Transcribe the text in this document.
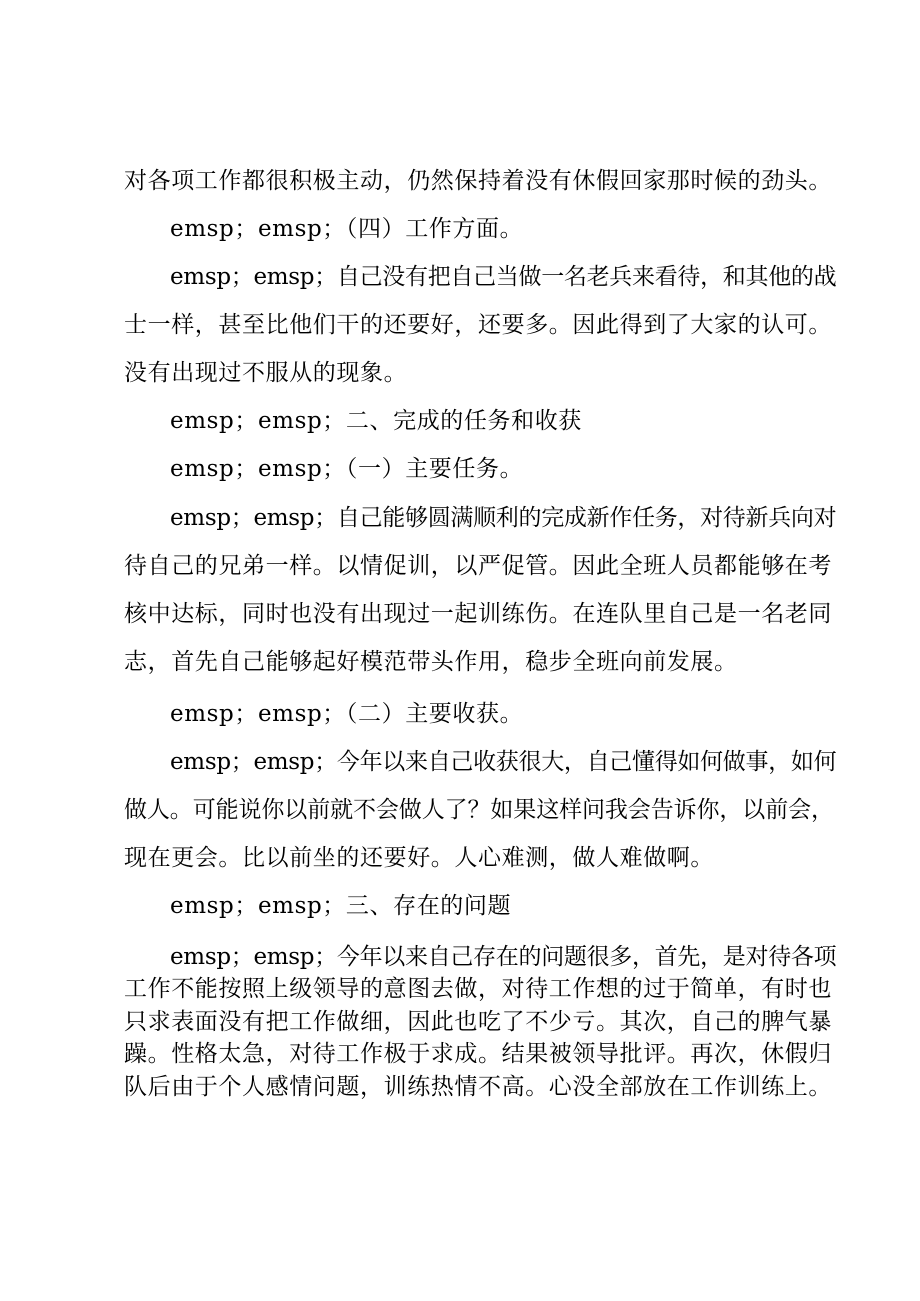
对各项工作都很积极主动，仍然保持着没有休假回家那时候的劲头。
emsp；emsp；（四）工作方面。
emsp；emsp；自己没有把自己当做一名老兵来看待，和其他的战
士一样，甚至比他们干的还要好，还要多。因此得到了大家的认可。
没有出现过不服从的现象。
emsp；emsp；二、完成的任务和收获
emsp；emsp；（一）主要任务。
emsp；emsp；自己能够圆满顺利的完成新作任务，对待新兵向对
待自己的兄弟一样。以情促训，以严促管。因此全班人员都能够在考
核中达标，同时也没有出现过一起训练伤。在连队里自己是一名老同
志，首先自己能够起好模范带头作用，稳步全班向前发展。
emsp；emsp；（二）主要收获。
emsp；emsp；今年以来自己收获很大，自己懂得如何做事，如何
做人。可能说你以前就不会做人了？如果这样问我会告诉你，以前会，
现在更会。比以前坐的还要好。人心难测，做人难做啊。
emsp；emsp；三、存在的问题
emsp；emsp；今年以来自己存在的问题很多，首先，是对待各项
工作不能按照上级领导的意图去做，对待工作想的过于简单，有时也
只求表面没有把工作做细，因此也吃了不少亏。其次，自己的脾气暴
躁。性格太急，对待工作极于求成。结果被领导批评。再次，休假归
队后由于个人感情问题，训练热情不高。心没全部放在工作训练上。
